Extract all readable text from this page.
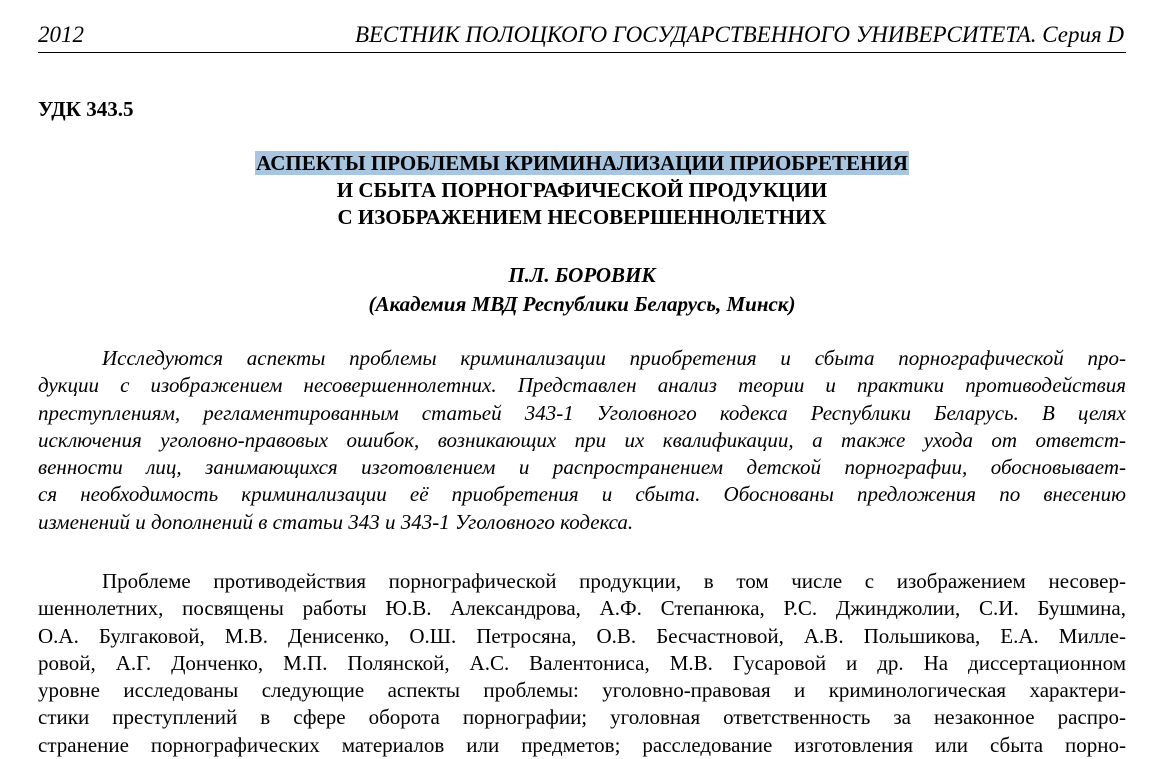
2012	ВЕСТНИК ПОЛОЦКОГО ГОСУДАРСТВЕННОГО УНИВЕРСИТЕТА. Серия D
УДК 343.5
АСПЕКТЫ ПРОБЛЕМЫ КРИМИНАЛИЗАЦИИ ПРИОБРЕТЕНИЯ
И СБЫТА ПОРНОГРАФИЧЕСКОЙ ПРОДУКЦИИ
С ИЗОБРАЖЕНИЕМ НЕСОВЕРШЕННОЛЕТНИХ
П.Л. БОРОВИК
(Академия МВД Республики Беларусь, Минск)
Исследуются аспекты проблемы криминализации приобретения и сбыта порнографической про-
дукции с изображением несовершеннолетних. Представлен анализ теории и практики противодействия
преступлениям, регламентированным статьей 343-1 Уголовного кодекса Республики Беларусь. В целях
исключения уголовно-правовых ошибок, возникающих при их квалификации, а также ухода от ответст-
венности лиц, занимающихся изготовлением и распространением детской порнографии, обосновывает-
ся необходимость криминализации её приобретения и сбыта. Обоснованы предложения по внесению
изменений и дополнений в статьи 343 и 343-1 Уголовного кодекса.
Проблеме противодействия порнографической продукции, в том числе с изображением несовер-
шеннолетних, посвящены работы Ю.В. Александрова, А.Ф. Степанюка, Р.С. Джинджолии, С.И. Бушмина,
О.А. Булгаковой, М.В. Денисенко, О.Ш. Петросяна, О.В. Бесчастновой, А.В. Польшикова, Е.А. Милле-
ровой, А.Г. Донченко, М.П. Полянской, А.С. Валентониса, М.В. Гусаровой и др. На диссертационном
уровне исследованы следующие аспекты проблемы: уголовно-правовая и криминологическая характери-
стики преступлений в сфере оборота порнографии; уголовная ответственность за незаконное распро-
странение порнографических материалов или предметов; расследование изготовления или сбыта порно-
